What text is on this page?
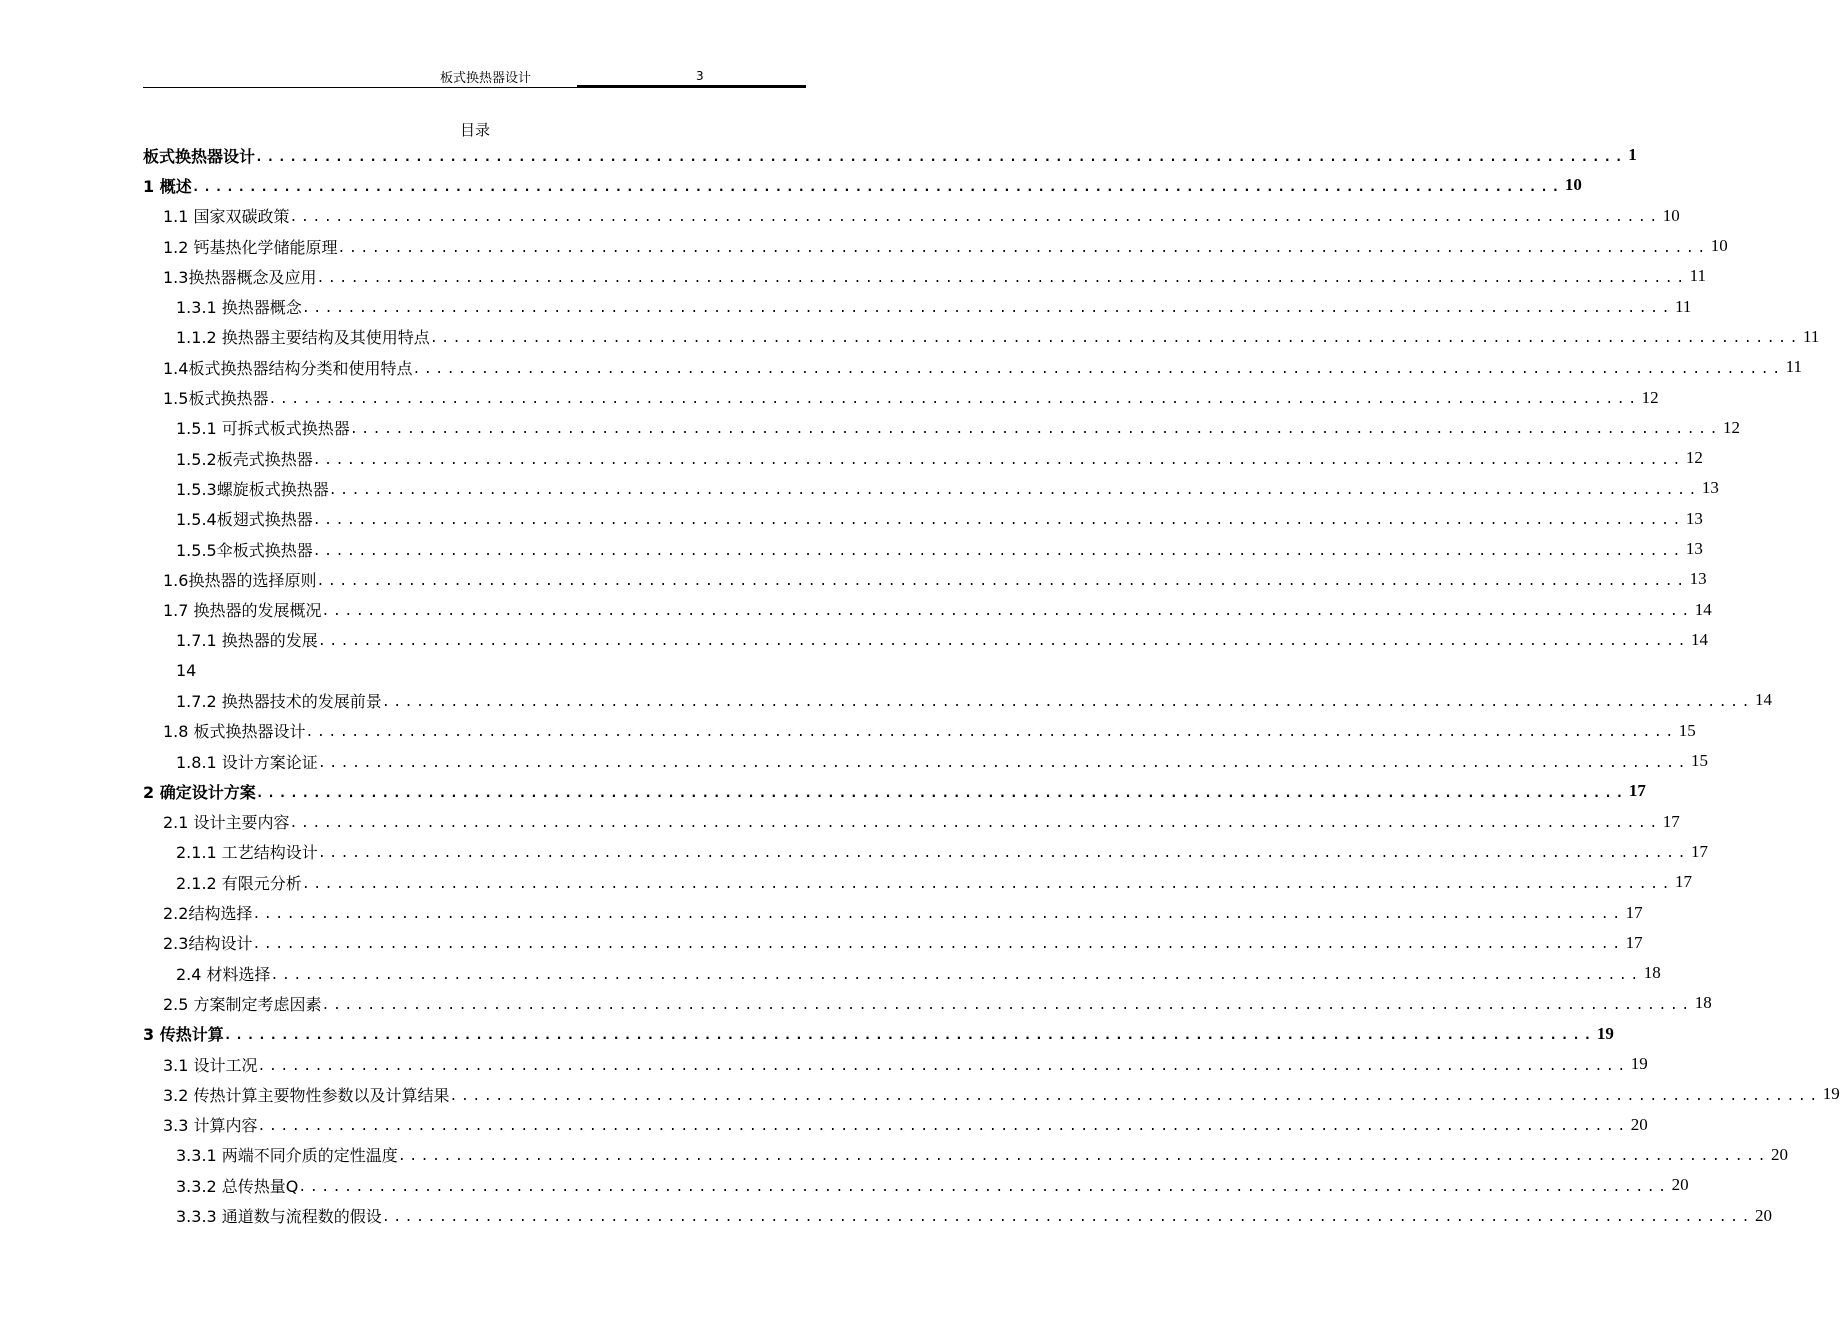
板式换热器设计	3
目录
板式换热器设计 ........................................................................................................................ 1
1 概述 ........................................................................................................................ 10
1.1 国家双碳政策 ........................................................................................................................ 10
1.2 钙基热化学储能原理 ........................................................................................................................ 10
1.3换热器概念及应用 ........................................................................................................................ 11
1.3.1 换热器概念 ........................................................................................................................ 11
1.1.2 换热器主要结构及其使用特点 ........................................................................................................................ 11
1.4板式换热器结构分类和使用特点 ........................................................................................................................ 11
1.5板式换热器 ........................................................................................................................ 12
1.5.1 可拆式板式换热器 ........................................................................................................................ 12
1.5.2板壳式换热器 ........................................................................................................................ 12
1.5.3螺旋板式换热器 ........................................................................................................................ 13
1.5.4板翅式换热器 ........................................................................................................................ 13
1.5.5伞板式换热器 ........................................................................................................................ 13
1.6换热器的选择原则 ........................................................................................................................ 13
1.7 换热器的发展概况 ........................................................................................................................ 14
1.7.1 换热器的发展 ........................................................................................................................ 14
14
1.7.2 换热器技术的发展前景 ........................................................................................................................ 14
1.8 板式换热器设计 ........................................................................................................................ 15
1.8.1 设计方案论证 ........................................................................................................................ 15
2 确定设计方案 ........................................................................................................................ 17
2.1 设计主要内容 ........................................................................................................................ 17
2.1.1 工艺结构设计 ........................................................................................................................ 17
2.1.2 有限元分析 ........................................................................................................................ 17
2.2结构选择 ........................................................................................................................ 17
2.3结构设计 ........................................................................................................................ 17
2.4 材料选择 ........................................................................................................................ 18
2.5 方案制定考虑因素 ........................................................................................................................ 18
3 传热计算 ........................................................................................................................ 19
3.1 设计工况 ........................................................................................................................ 19
3.2 传热计算主要物性参数以及计算结果 ........................................................................................................................ 19
3.3 计算内容 ........................................................................................................................ 20
3.3.1 两端不同介质的定性温度 ........................................................................................................................ 20
3.3.2 总传热量Q ........................................................................................................................ 20
3.3.3 通道数与流程数的假设 ........................................................................................................................ 20
